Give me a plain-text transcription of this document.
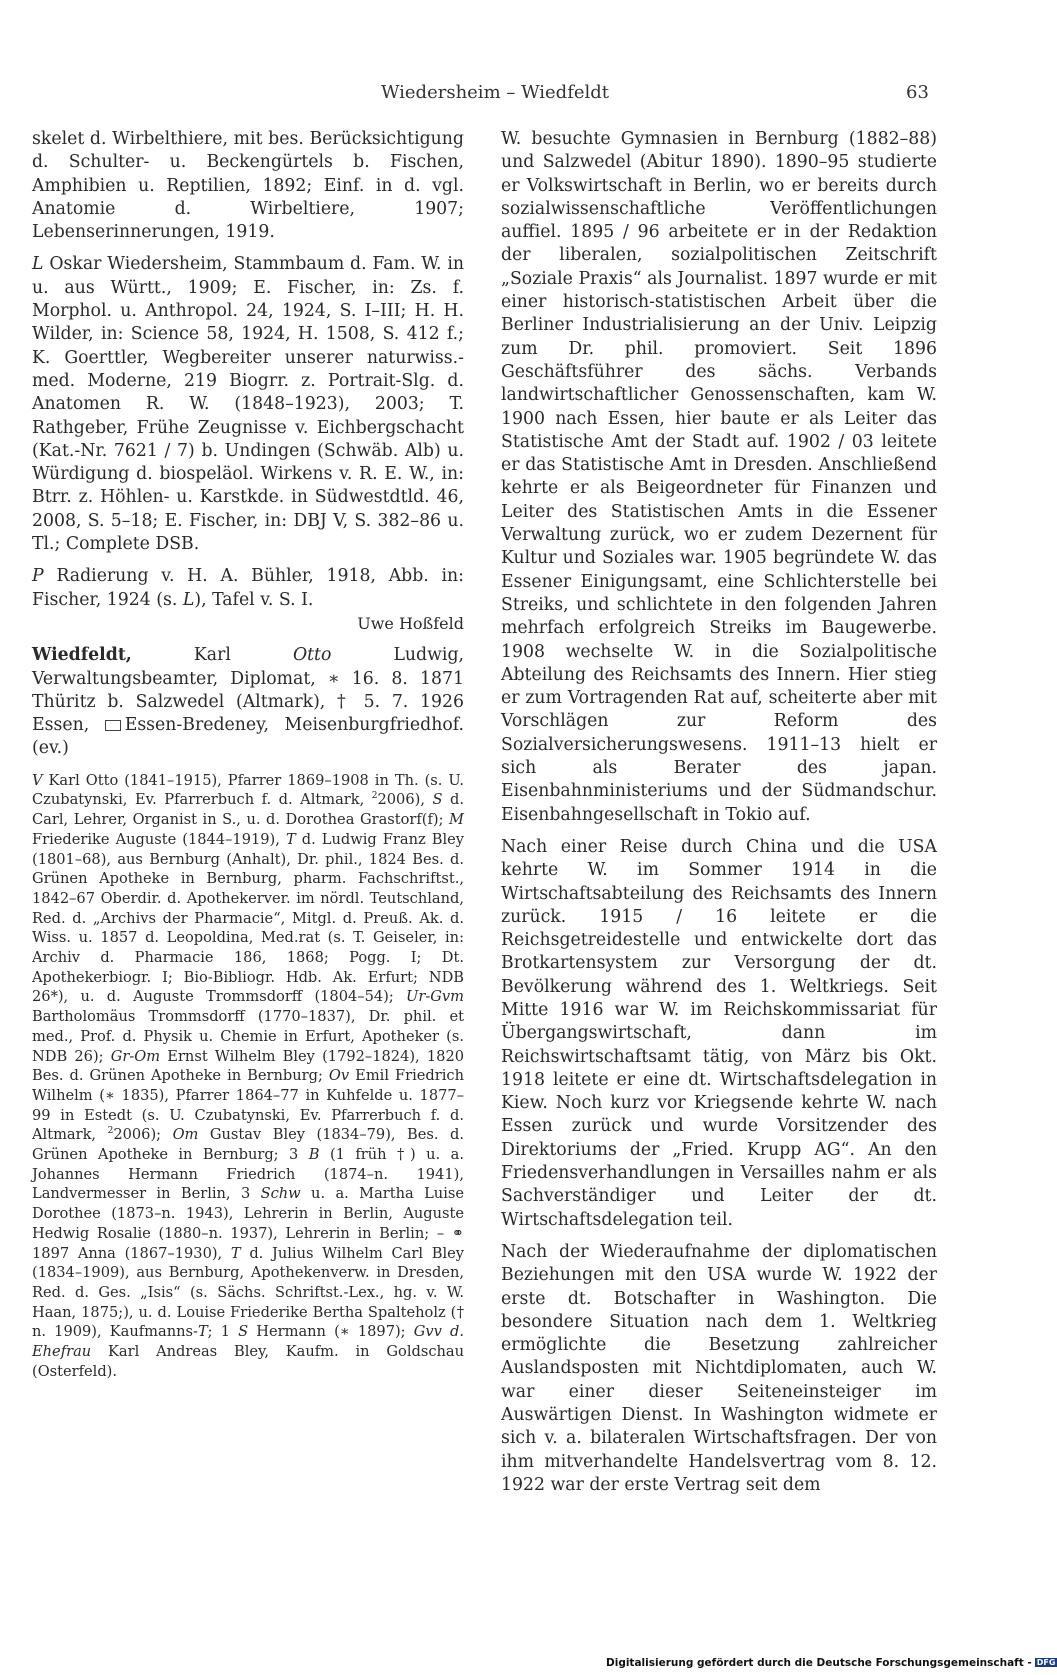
Wiedersheim – Wiedfeldt	63

skelet d. Wirbelthiere, mit bes. Berücksichtigung d. Schulter- u. Beckengürtels b. Fischen, Amphibien u. Reptilien, 1892; Einf. in d. vgl. Anatomie d. Wirbeltiere, 1907; Lebenserinnerungen, 1919.

L Oskar Wiedersheim, Stammbaum d. Fam. W. in u. aus Württ., 1909; E. Fischer, in: Zs. f. Morphol. u. Anthropol. 24, 1924, S. I–III; H. H. Wilder, in: Science 58, 1924, H. 1508, S. 412 f.; K. Goerttler, Wegbereiter unserer naturwiss.-med. Moderne, 219 Biogrr. z. Portrait-Slg. d. Anatomen R. W. (1848–1923), 2003; T. Rathgeber, Frühe Zeugnisse v. Eichbergschacht (Kat.-Nr. 7621 / 7) b. Undingen (Schwäb. Alb) u. Würdigung d. biospeläol. Wirkens v. R. E. W., in: Btrr. z. Höhlen- u. Karstkde. in Südwestdtld. 46, 2008, S. 5–18; E. Fischer, in: DBJ V, S. 382–86 u. Tl.; Complete DSB.

P Radierung v. H. A. Bühler, 1918, Abb. in: Fischer, 1924 (s. L), Tafel v. S. I.

Uwe Hoßfeld

Wiedfeldt,	Karl	Otto	Ludwig, Verwaltungsbeamter, Diplomat, ∗ 16. 8. 1871 Thüritz b. Salzwedel (Altmark), † 5. 7. 1926 Essen, Essen-Bredeney, Meisenburgfriedhof. (ev.)

V Karl Otto (1841–1915), Pfarrer 1869–1908 in Th. (s. U. Czubatynski, Ev. Pfarrerbuch f. d. Altmark, $^2$2006), S d. Carl, Lehrer, Organist in S., u. d. Dorothea Grastorf(f); M Friederike Auguste (1844–1919), T d. Ludwig Franz Bley (1801–68), aus Bernburg (Anhalt), Dr. phil., 1824 Bes. d. Grünen Apotheke in Bernburg, pharm. Fachschriftst., 1842–67 Oberdir. d. Apothekerver. im nördl. Teutschland, Red. d. „Archivs der Pharmacie“, Mitgl. d. Preuß. Ak. d. Wiss. u. 1857 d. Leopoldina, Med.rat (s. T. Geiseler, in: Archiv d. Pharmacie 186, 1868; Pogg. I; Dt. Apothekerbiogr. I; Bio-Bibliogr. Hdb. Ak. Erfurt; NDB 26*), u. d. Auguste Trommsdorff (1804–54); Ur-Gvm Bartholomäus Trommsdorff (1770–1837), Dr. phil. et med., Prof. d. Physik u. Chemie in Erfurt, Apotheker (s. NDB 26); Gr-Om Ernst Wilhelm Bley (1792–1824), 1820 Bes. d. Grünen Apotheke in Bernburg; Ov Emil Friedrich Wilhelm (∗ 1835), Pfarrer 1864–77 in Kuhfelde u. 1877–99 in Estedt (s. U. Czubatynski, Ev. Pfarrerbuch f. d. Altmark, $^2$2006); Om Gustav Bley (1834–79), Bes. d. Grünen Apotheke in Bernburg; 3 B (1 früh †) u. a. Johannes Hermann Friedrich (1874–n. 1941), Landvermesser in Berlin, 3 Schw u. a. Martha Luise Dorothee (1873–n. 1943), Lehrerin in Berlin, Auguste Hedwig Rosalie (1880–n. 1937), Lehrerin in Berlin; – ⚭ 1897 Anna (1867–1930), T d. Julius Wilhelm Carl Bley (1834–1909), aus Bernburg, Apothekenverw. in Dresden, Red. d. Ges. „Isis“ (s. Sächs. Schriftst.-Lex., hg. v. W. Haan, 1875;), u. d. Louise Friederike Bertha Spalteholz († n. 1909), Kaufmanns-T; 1 S Hermann (∗ 1897); Gvv d. Ehefrau Karl Andreas Bley, Kaufm. in Goldschau (Osterfeld).

W. besuchte Gymnasien in Bernburg (1882–88) und Salzwedel (Abitur 1890). 1890–95 studierte er Volkswirtschaft in Berlin, wo er bereits durch sozialwissenschaftliche Veröffentlichungen auffiel. 1895 / 96 arbeitete er in der Redaktion der liberalen, sozialpolitischen Zeitschrift „Soziale Praxis“ als Journalist. 1897 wurde er mit einer historisch-statistischen Arbeit über die Berliner Industrialisierung an der Univ. Leipzig zum Dr. phil. promoviert. Seit 1896 Geschäftsführer des sächs. Verbands landwirtschaftlicher Genossenschaften, kam W. 1900 nach Essen, hier baute er als Leiter das Statistische Amt der Stadt auf. 1902 / 03 leitete er das Statistische Amt in Dresden. Anschließend kehrte er als Beigeordneter für Finanzen und Leiter des Statistischen Amts in die Essener Verwaltung zurück, wo er zudem Dezernent für Kultur und Soziales war. 1905 begründete W. das Essener Einigungsamt, eine Schlichterstelle bei Streiks, und schlichtete in den folgenden Jahren mehrfach erfolgreich Streiks im Baugewerbe. 1908 wechselte W. in die Sozialpolitische Abteilung des Reichsamts des Innern. Hier stieg er zum Vortragenden Rat auf, scheiterte aber mit Vorschlägen zur Reform des Sozialversicherungswesens. 1911–13 hielt er sich als Berater des japan. Eisenbahnministeriums und der Südmandschur. Eisenbahngesellschaft in Tokio auf.

Nach einer Reise durch China und die USA kehrte W. im Sommer 1914 in die Wirtschaftsabteilung des Reichsamts des Innern zurück. 1915 / 16 leitete er die Reichsgetreidestelle und entwickelte dort das Brotkartensystem zur Versorgung der dt. Bevölkerung während des 1. Weltkriegs. Seit Mitte 1916 war W. im Reichskommissariat für Übergangswirtschaft, dann im Reichswirtschaftsamt tätig, von März bis Okt. 1918 leitete er eine dt. Wirtschaftsdelegation in Kiew. Noch kurz vor Kriegsende kehrte W. nach Essen zurück und wurde Vorsitzender des Direktoriums der „Fried. Krupp AG“. An den Friedensverhandlungen in Versailles nahm er als Sachverständiger und Leiter der dt. Wirtschaftsdelegation teil.

Nach der Wiederaufnahme der diplomatischen Beziehungen mit den USA wurde W. 1922 der erste dt. Botschafter in Washington. Die besondere Situation nach dem 1. Weltkrieg ermöglichte die Besetzung zahlreicher Auslandsposten mit Nichtdiplomaten, auch W. war einer dieser Seiteneinsteiger im Auswärtigen Dienst. In Washington widmete er sich v. a. bilateralen Wirtschaftsfragen. Der von ihm mitverhandelte Handelsvertrag vom 8. 12. 1922 war der erste Vertrag seit dem

Digitalisierung gefördert durch die Deutsche Forschungsgemeinschaft - DFG
